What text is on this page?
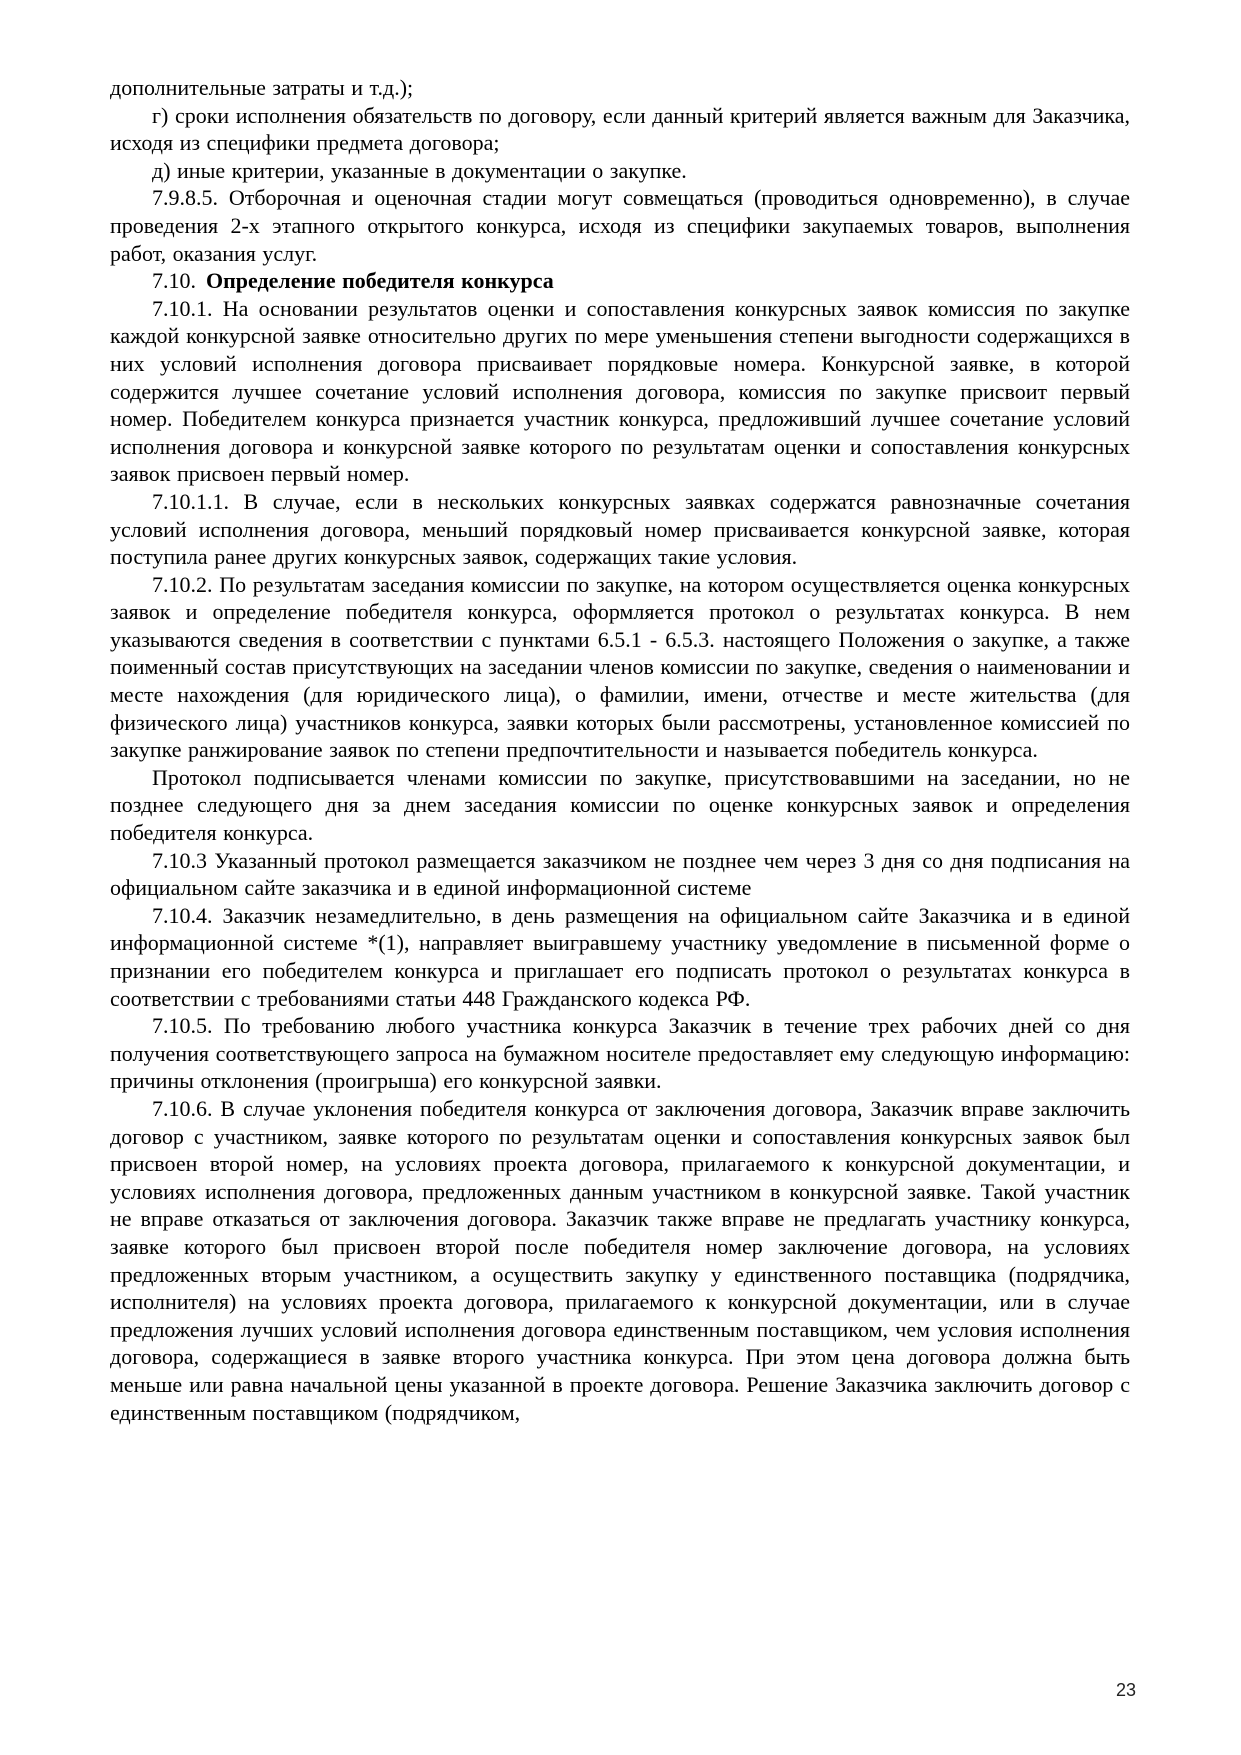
дополнительные затраты и т.д.);

г) сроки исполнения обязательств по договору, если данный критерий является важным для Заказчика, исходя из специфики предмета договора;

д) иные критерии, указанные в документации о закупке.

7.9.8.5. Отборочная и оценочная стадии могут совмещаться (проводиться одновременно), в случае проведения 2-х этапного открытого конкурса, исходя из специфики закупаемых товаров, выполнения работ, оказания услуг.

7.10. Определение победителя конкурса

7.10.1. На основании результатов оценки и сопоставления конкурсных заявок комиссия по закупке каждой конкурсной заявке относительно других по мере уменьшения степени выгодности содержащихся в них условий исполнения договора присваивает порядковые номера. Конкурсной заявке, в которой содержится лучшее сочетание условий исполнения договора, комиссия по закупке присвоит первый номер. Победителем конкурса признается участник конкурса, предложивший лучшее сочетание условий исполнения договора и конкурсной заявке которого по результатам оценки и сопоставления конкурсных заявок присвоен первый номер.

7.10.1.1. В случае, если в нескольких конкурсных заявках содержатся равнозначные сочетания условий исполнения договора, меньший порядковый номер присваивается конкурсной заявке, которая поступила ранее других конкурсных заявок, содержащих такие условия.

7.10.2. По результатам заседания комиссии по закупке, на котором осуществляется оценка конкурсных заявок и определение победителя конкурса, оформляется протокол о результатах конкурса. В нем указываются сведения в соответствии с пунктами 6.5.1 - 6.5.3. настоящего Положения о закупке, а также поименный состав присутствующих на заседании членов комиссии по закупке, сведения о наименовании и месте нахождения (для юридического лица), о фамилии, имени, отчестве и месте жительства (для физического лица) участников конкурса, заявки которых были рассмотрены, установленное комиссией по закупке ранжирование заявок по степени предпочтительности и называется победитель конкурса.

Протокол подписывается членами комиссии по закупке, присутствовавшими на заседании, но не позднее следующего дня за днем заседания комиссии по оценке конкурсных заявок и определения победителя конкурса.

7.10.3 Указанный протокол размещается заказчиком не позднее чем через 3 дня со дня подписания на официальном сайте заказчика и в единой информационной системе

7.10.4. Заказчик незамедлительно, в день размещения на официальном сайте Заказчика и в единой информационной системе *(1), направляет выигравшему участнику уведомление в письменной форме о признании его победителем конкурса и приглашает его подписать протокол о результатах конкурса в соответствии с требованиями статьи 448 Гражданского кодекса РФ.

7.10.5. По требованию любого участника конкурса Заказчик в течение трех рабочих дней со дня получения соответствующего запроса на бумажном носителе предоставляет ему следующую информацию: причины отклонения (проигрыша) его конкурсной заявки.

7.10.6. В случае уклонения победителя конкурса от заключения договора, Заказчик вправе заключить договор с участником, заявке которого по результатам оценки и сопоставления конкурсных заявок был присвоен второй номер, на условиях проекта договора, прилагаемого к конкурсной документации, и условиях исполнения договора, предложенных данным участником в конкурсной заявке. Такой участник не вправе отказаться от заключения договора. Заказчик также вправе не предлагать участнику конкурса, заявке которого был присвоен второй после победителя номер заключение договора, на условиях предложенных вторым участником, а осуществить закупку у единственного поставщика (подрядчика, исполнителя) на условиях проекта договора, прилагаемого к конкурсной документации, или в случае предложения лучших условий исполнения договора единственным поставщиком, чем условия исполнения договора, содержащиеся в заявке второго участника конкурса. При этом цена договора должна быть меньше или равна начальной цены указанной в проекте договора. Решение Заказчика заключить договор с единственным поставщиком (подрядчиком,

23
